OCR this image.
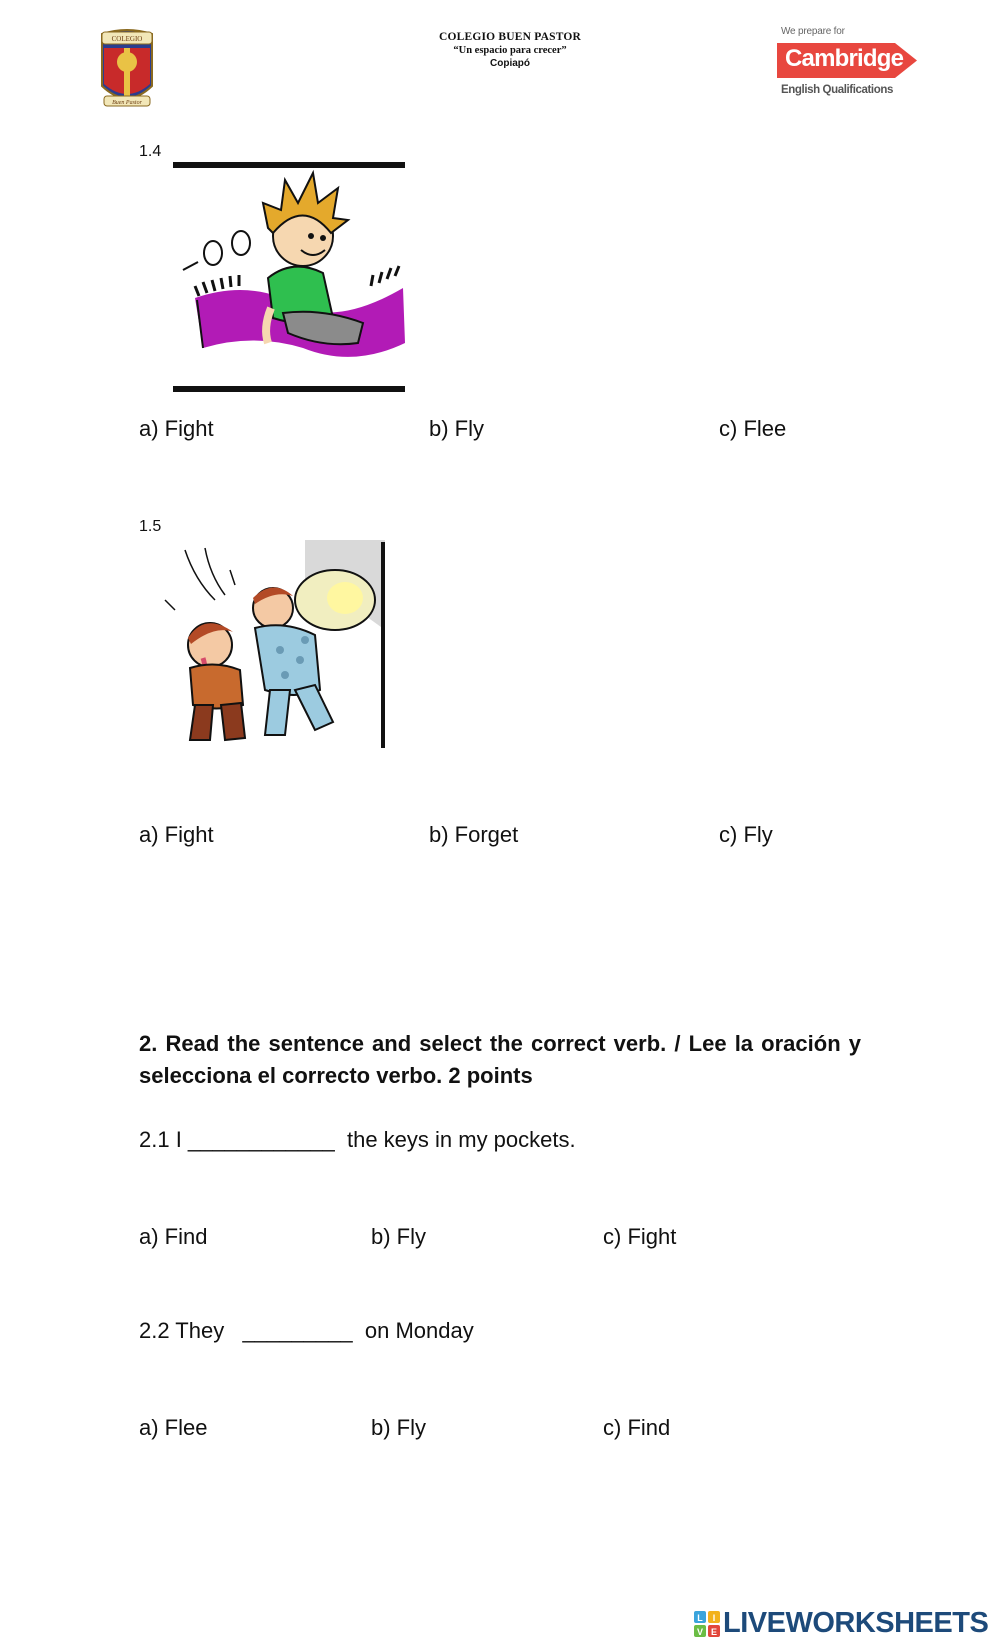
COLEGIO
Buen Pastor
COLEGIO BUEN PASTOR
“Un espacio para crecer”
Copiapó
We prepare for
Cambridge
English Qualifications
1.4
a) Fight	b) Fly	c) Flee
1.5
a) Fight	b) Forget	c) Fly
2. Read the sentence and select the correct verb. / Lee la oración y selecciona el correcto verbo. 2 points
2.1 I ____________  the keys in my pockets.
a) Find	b) Fly	c) Fight
2.2 They   _________  on Monday
a) Flee	b) Fly	c) Find
L I
V E LIVEWORKSHEETS
